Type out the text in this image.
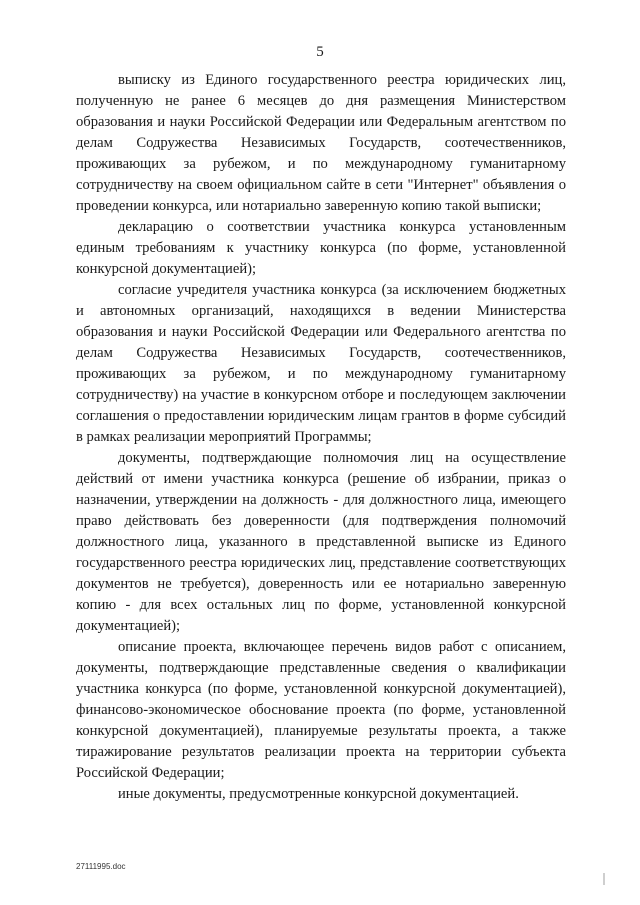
5

выписку из Единого государственного реестра юридических лиц, полученную не ранее 6 месяцев до дня размещения Министерством образования и науки Российской Федерации или Федеральным агентством по делам Содружества Независимых Государств, соотечественников, проживающих за рубежом, и по международному гуманитарному сотрудничеству на своем официальном сайте в сети "Интернет" объявления о проведении конкурса, или нотариально заверенную копию такой выписки;

декларацию о соответствии участника конкурса установленным единым требованиям к участнику конкурса (по форме, установленной конкурсной документацией);

согласие учредителя участника конкурса (за исключением бюджетных и автономных организаций, находящихся в ведении Министерства образования и науки Российской Федерации или Федерального агентства по делам Содружества Независимых Государств, соотечественников, проживающих за рубежом, и по международному гуманитарному сотрудничеству) на участие в конкурсном отборе и последующем заключении соглашения о предоставлении юридическим лицам грантов в форме субсидий в рамках реализации мероприятий Программы;

документы, подтверждающие полномочия лиц на осуществление действий от имени участника конкурса (решение об избрании, приказ о назначении, утверждении на должность - для должностного лица, имеющего право действовать без доверенности (для подтверждения полномочий должностного лица, указанного в представленной выписке из Единого государственного реестра юридических лиц, представление соответствующих документов не требуется), доверенность или ее нотариально заверенную копию - для всех остальных лиц по форме, установленной конкурсной документацией);

описание проекта, включающее перечень видов работ с описанием, документы, подтверждающие представленные сведения о квалификации участника конкурса (по форме, установленной конкурсной документацией), финансово-экономическое обоснование проекта (по форме, установленной конкурсной документацией), планируемые результаты проекта, а также тиражирование результатов реализации проекта на территории субъекта Российской Федерации;

иные документы, предусмотренные конкурсной документацией.

27111995.doc
